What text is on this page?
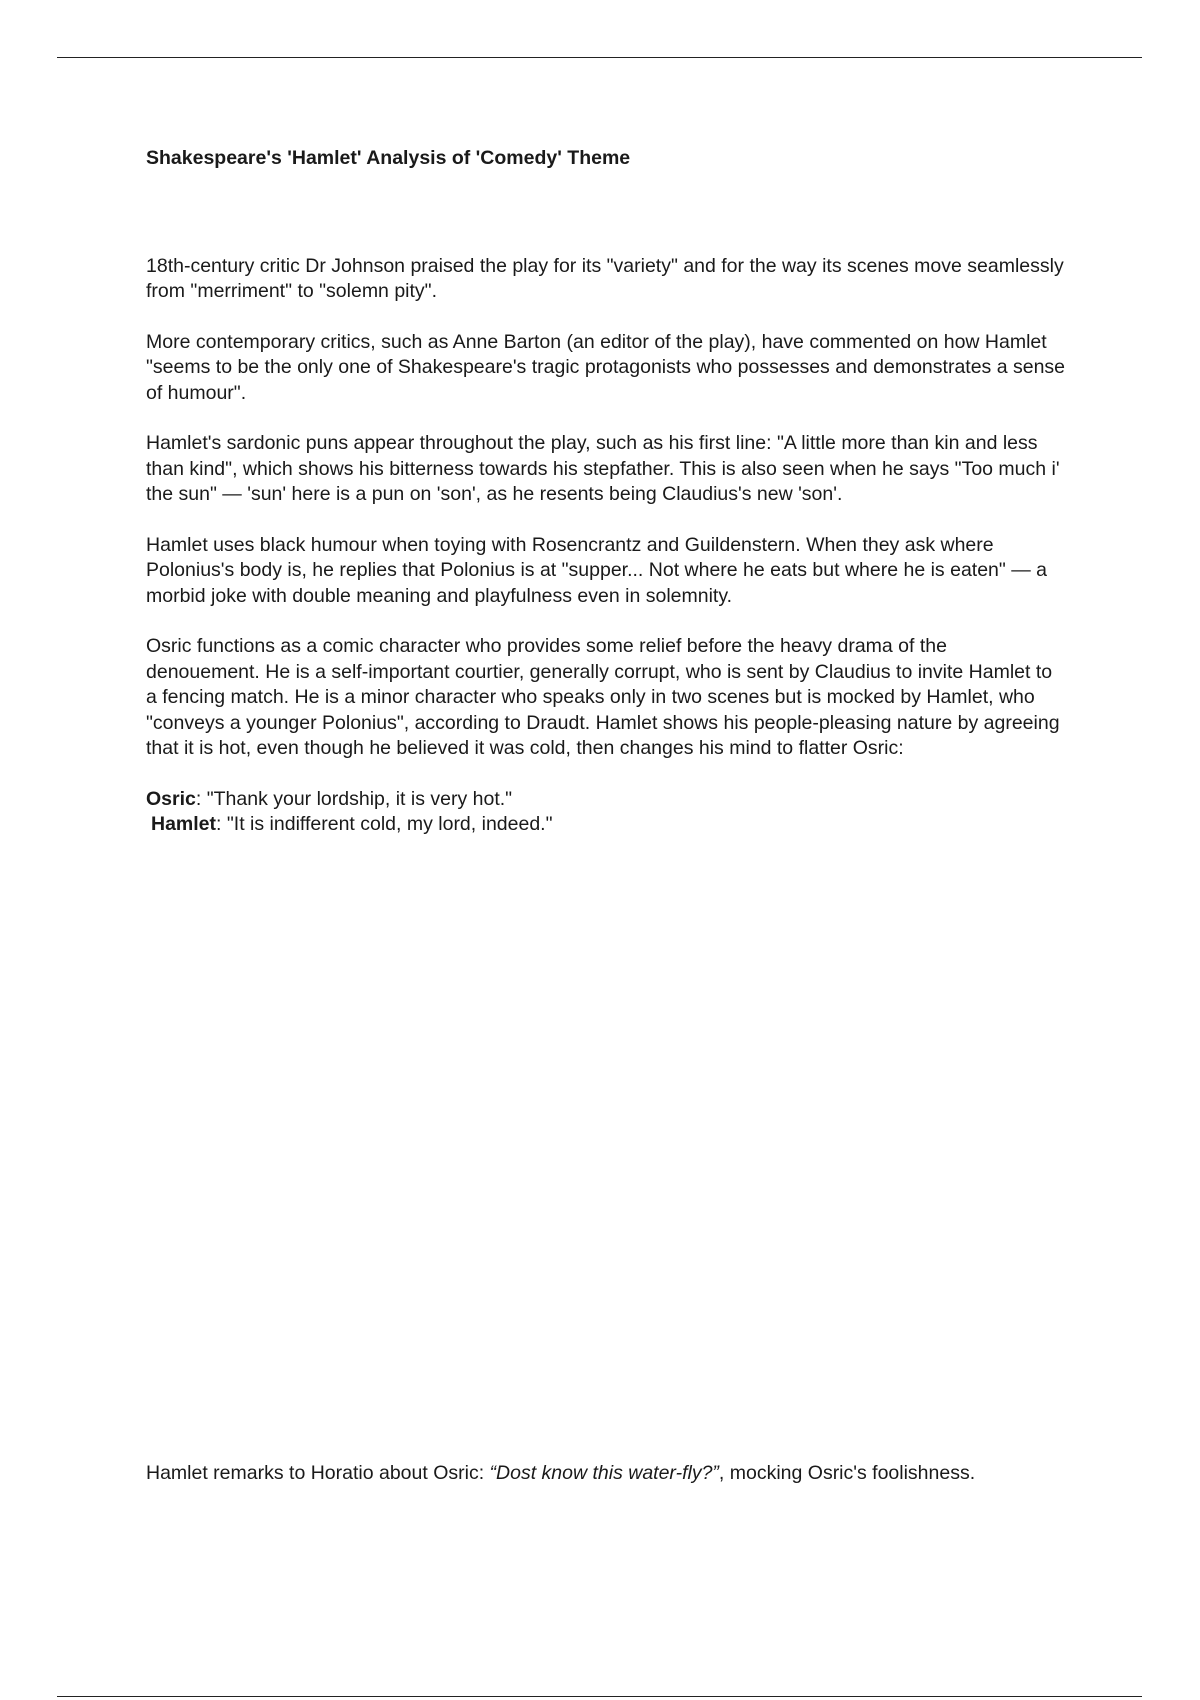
Shakespeare's 'Hamlet' Analysis of 'Comedy' Theme

18th-century critic Dr Johnson praised the play for its "variety" and for the way its scenes move seamlessly from "merriment" to "solemn pity".

More contemporary critics, such as Anne Barton (an editor of the play), have commented on how Hamlet "seems to be the only one of Shakespeare's tragic protagonists who possesses and demonstrates a sense of humour".

Hamlet's sardonic puns appear throughout the play, such as his first line: "A little more than kin and less than kind", which shows his bitterness towards his stepfather. This is also seen when he says "Too much i' the sun" — 'sun' here is a pun on 'son', as he resents being Claudius's new 'son'.

Hamlet uses black humour when toying with Rosencrantz and Guildenstern. When they ask where Polonius's body is, he replies that Polonius is at "supper... Not where he eats but where he is eaten" — a morbid joke with double meaning and playfulness even in solemnity.

Osric functions as a comic character who provides some relief before the heavy drama of the denouement. He is a self-important courtier, generally corrupt, who is sent by Claudius to invite Hamlet to a fencing match. He is a minor character who speaks only in two scenes but is mocked by Hamlet, who "conveys a younger Polonius", according to Draudt. Hamlet shows his people-pleasing nature by agreeing that it is hot, even though he believed it was cold, then changes his mind to flatter Osric:

Osric: "Thank your lordship, it is very hot."
Hamlet: "It is indifferent cold, my lord, indeed."

Hamlet remarks to Horatio about Osric: “Dost know this water-fly?”, mocking Osric's foolishness.
